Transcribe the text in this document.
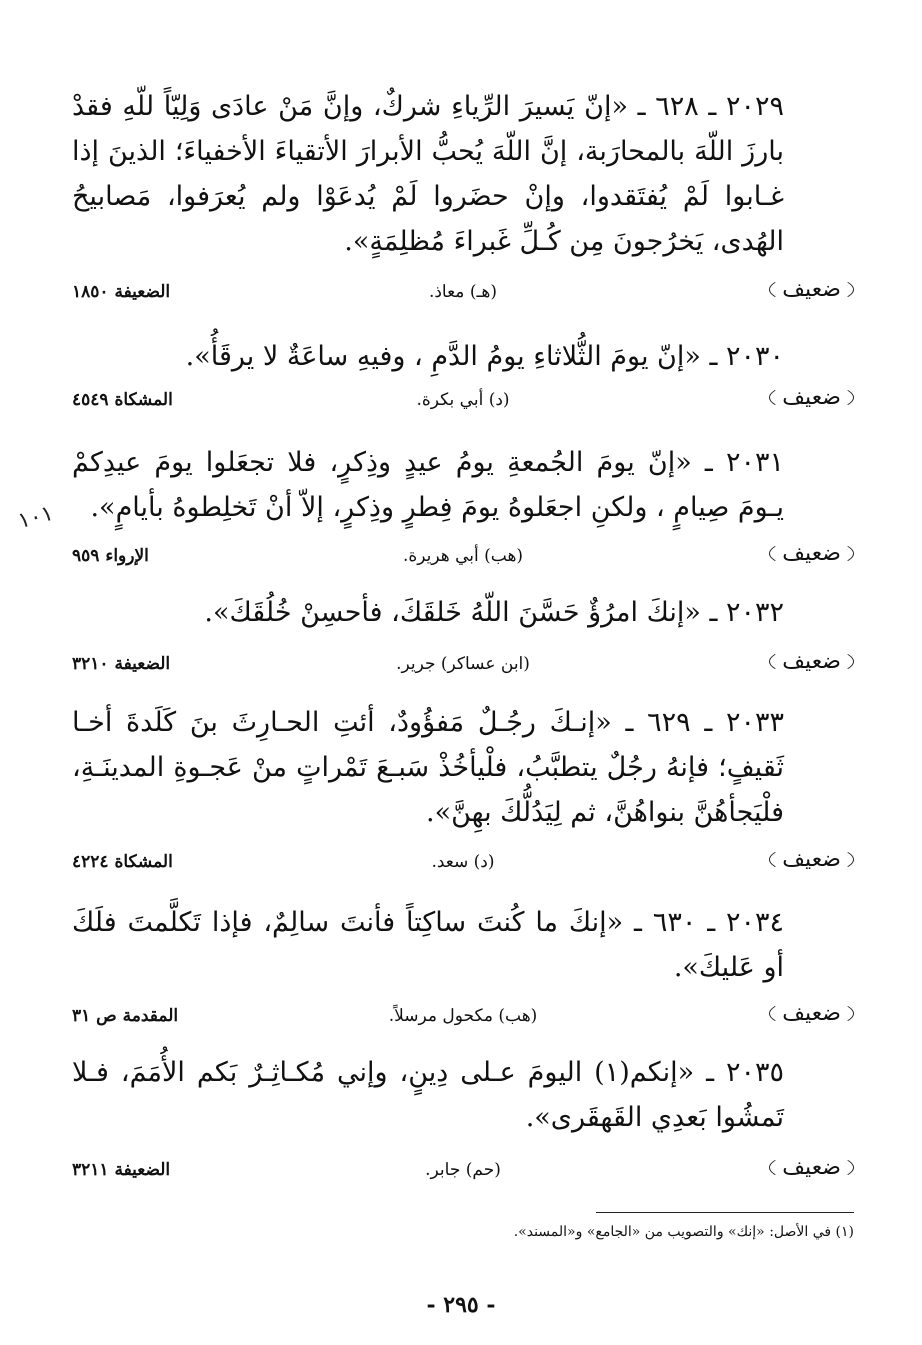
٢٠٢٩ ـ ٦٢٨ ـ «إنّ يَسيرَ الرِّياءِ شركٌ، وإنَّ مَنْ عادَى وَلِيّاً للّهِ فقدْ بارزَ اللّهَ بالمحارَبة، إنَّ اللّهَ يُحبُّ الأبرارَ الأتقياءَ الأخفياءَ؛ الذينَ إذا غـابوا لَمْ يُفتَقدوا، وإنْ حضَروا لَمْ يُدعَوْا ولم يُعرَفوا، مَصابيحُ الهُدى، يَخرُجونَ مِن كُـلِّ غَبراءَ مُظلِمَةٍ».
ضعيف
(هـ) معاذ.
الضعيفة ١٨٥٠
٢٠٣٠ ـ «إنّ يومَ الثُّلاثاءِ يومُ الدَّمِ ، وفيهِ ساعَةٌ لا يرقَأُ».
ضعيف
(د) أبي بكرة.
المشكاة ٤٥٤٩
٢٠٣١ ـ «إنّ يومَ الجُمعةِ يومُ عيدٍ وذِكرٍ، فلا تجعَلوا يومَ عيدِكمْ يـومَ صِيامٍ ، ولكنِ اجعَلوهُ يومَ فِطرٍ وذِكرٍ، إلاّ أنْ تَخلِطوهُ بأيامٍ».
ضعيف
(هب) أبي هريرة.
الإرواء ٩٥٩
٢٠٣٢ ـ «إنكَ امرُؤٌ حَسَّنَ اللّهُ خَلقَكَ، فأحسِنْ خُلُقَكَ».
ضعيف
(ابن عساكر) جرير.
الضعيفة ٣٢١٠
٢٠٣٣ ـ ٦٢٩ ـ «إنـكَ رجُـلٌ مَفؤُودٌ، أئتِ الحـارِثَ بنَ كَلَدةَ أخـا ثَقيفٍ؛ فإنهُ رجُلٌ يتطبَّبُ، فلْيأخُذْ سَبـعَ تَمْراتٍ منْ عَجـوةِ المدينَـةِ، فلْيَجأهُنَّ بنواهُنَّ، ثم لِيَدُلُّكَ بهِنَّ».
ضعيف
(د) سعد.
المشكاة ٤٢٢٤
٢٠٣٤ ـ ٦٣٠ ـ «إنكَ ما كُنتَ ساكِتاً فأنتَ سالِمٌ، فإذا تَكلَّمتَ فلَكَ أو عَليكَ».
ضعيف
(هب) مكحول مرسلاً.
المقدمة ص ٣١
٢٠٣٥ ـ «إنكم(١) اليومَ عـلى دِينٍ، وإني مُكـاثِـرٌ بَكم الأُمَمَ، فـلا تَمشُوا بَعدِي القَهقَرى».
ضعيف
(حم) جابر.
الضعيفة ٣٢١١
(١) في الأصل: «إنك» والتصويب من «الجامع» و«المسند».
- ٢٩٥ -
١٠١
